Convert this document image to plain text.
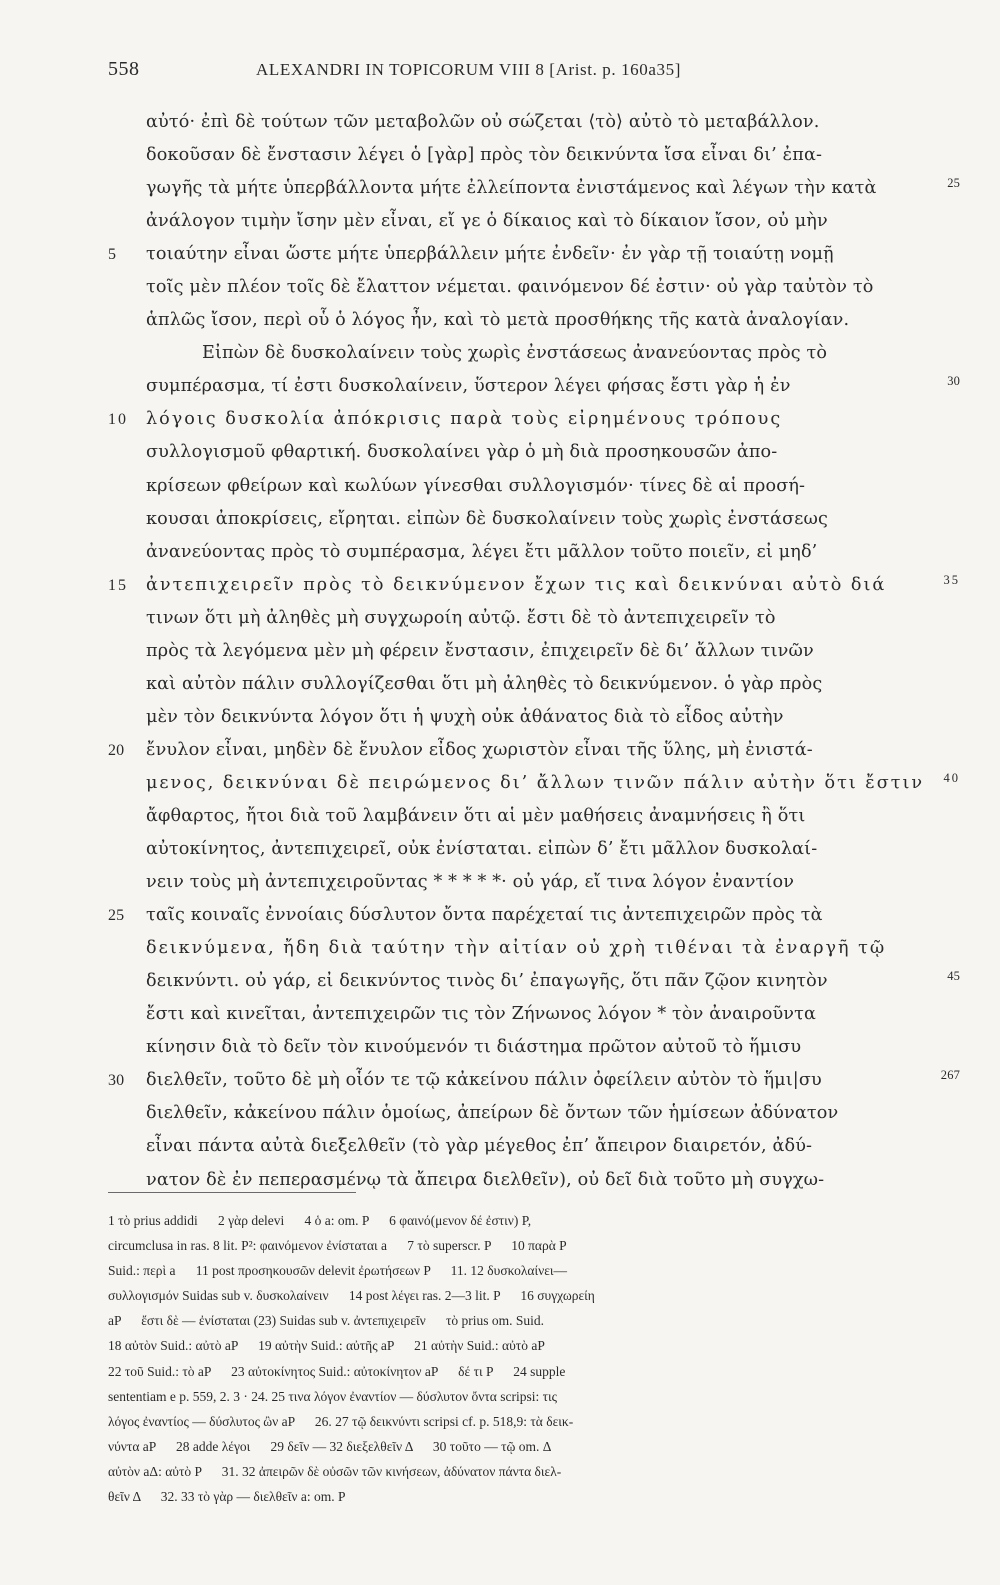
558	ALEXANDRI IN TOPICORUM VIII 8 [Arist. p. 160a35]
αὐτό· ἐπὶ δὲ τούτων τῶν μεταβολῶν οὐ σώζεται ⟨τὸ⟩ αὐτὸ τὸ μεταβάλλον.
δοκοῦσαν δὲ ἔνστασιν λέγει ὁ [γὰρ] πρὸς τὸν δεικνύντα ἴσα εἶναι δι’ ἐπα-
γωγῆς τὰ μήτε ὑπερβάλλοντα μήτε ἐλλείποντα ἐνιστάμενος καὶ λέγων τὴν κατὰ	25
ἀνάλογον τιμὴν ἴσην μὲν εἶναι, εἴ γε ὁ δίκαιος καὶ τὸ δίκαιον ἴσον, οὐ μὴν
5	τοιαύτην εἶναι ὥστε μήτε ὑπερβάλλειν μήτε ἐνδεῖν· ἐν γὰρ τῇ τοιαύτῃ νομῇ
τοῖς μὲν πλέον τοῖς δὲ ἔλαττον νέμεται. φαινόμενον δέ ἐστιν· οὐ γὰρ ταὐτὸν τὸ
ἁπλῶς ἴσον, περὶ οὗ ὁ λόγος ἦν, καὶ τὸ μετὰ προσθήκης τῆς κατὰ ἀναλογίαν.
Εἰπὼν δὲ δυσκολαίνειν τοὺς χωρὶς ἐνστάσεως ἀνανεύοντας πρὸς τὸ
συμπέρασμα, τί ἐστι δυσκολαίνειν, ὕστερον λέγει φήσας ἔστι γὰρ ἡ ἐν	30
10	λόγοις δυσκολία ἀπόκρισις παρὰ τοὺς εἰρημένους τρόπους
συλλογισμοῦ φθαρτική. δυσκολαίνει γὰρ ὁ μὴ διὰ προσηκουσῶν ἀπο-
κρίσεων φθείρων καὶ κωλύων γίνεσθαι συλλογισμόν· τίνες δὲ αἱ προσή-
κουσαι ἀποκρίσεις, εἴρηται. εἰπὼν δὲ δυσκολαίνειν τοὺς χωρὶς ἐνστάσεως
ἀνανεύοντας πρὸς τὸ συμπέρασμα, λέγει ἔτι μᾶλλον τοῦτο ποιεῖν, εἰ μηδ’
15	ἀντεπιχειρεῖν πρὸς τὸ δεικνύμενον ἔχων τις καὶ δεικνύναι αὐτὸ διά	35
τινων ὅτι μὴ ἀληθὲς μὴ συγχωροίη αὐτῷ. ἔστι δὲ τὸ ἀντεπιχειρεῖν τὸ
πρὸς τὰ λεγόμενα μὲν μὴ φέρειν ἔνστασιν, ἐπιχειρεῖν δὲ δι’ ἄλλων τινῶν
καὶ αὐτὸν πάλιν συλλογίζεσθαι ὅτι μὴ ἀληθὲς τὸ δεικνύμενον. ὁ γὰρ πρὸς
μὲν τὸν δεικνύντα λόγον ὅτι ἡ ψυχὴ οὐκ ἀθάνατος διὰ τὸ εἶδος αὐτὴν
20	ἔνυλον εἶναι, μηδὲν δὲ ἔνυλον εἶδος χωριστὸν εἶναι τῆς ὕλης, μὴ ἐνιστά-
μενος, δεικνύναι δὲ πειρώμενος δι’ ἄλλων τινῶν πάλιν αὐτὴν ὅτι ἔστιν 40
ἄφθαρτος, ἤτοι διὰ τοῦ λαμβάνειν ὅτι αἱ μὲν μαθήσεις ἀναμνήσεις ἢ ὅτι
αὐτοκίνητος, ἀντεπιχειρεῖ, οὐκ ἐνίσταται. εἰπὼν δ’ ἔτι μᾶλλον δυσκολαί-
νειν τοὺς μὴ ἀντεπιχειροῦντας * * * * *· οὐ γάρ, εἴ τινα λόγον ἐναντίον
25	ταῖς κοιναῖς ἐννοίαις δύσλυτον ὄντα παρέχεταί τις ἀντεπιχειρῶν πρὸς τὰ
δεικνύμενα, ἤδη διὰ ταύτην τὴν αἰτίαν οὐ χρὴ τιθέναι τὰ ἐναργῆ τῷ
δεικνύντι. οὐ γάρ, εἰ δεικνύντος τινὸς δι’ ἐπαγωγῆς, ὅτι πᾶν ζῷον κινητὸν	45
ἔστι καὶ κινεῖται, ἀντεπιχειρῶν τις τὸν Ζήνωνος λόγον * τὸν ἀναιροῦντα
κίνησιν διὰ τὸ δεῖν τὸν κινούμενόν τι διάστημα πρῶτον αὐτοῦ τὸ ἥμισυ
30	διελθεῖν, τοῦτο δὲ μὴ οἷόν τε τῷ κἀκείνου πάλιν ὀφείλειν αὐτὸν τὸ ἥμι|συ	267
διελθεῖν, κἀκείνου πάλιν ὁμοίως, ἀπείρων δὲ ὄντων τῶν ἡμίσεων ἀδύνατον
εἶναι πάντα αὐτὰ διεξελθεῖν (τὸ γὰρ μέγεθος ἐπ’ ἄπειρον διαιρετόν, ἀδύ-
νατον δὲ ἐν πεπερασμένῳ τὰ ἄπειρα διελθεῖν), οὐ δεῖ διὰ τοῦτο μὴ συγχω-
1 τὸ prius addidi      2 γὰρ delevi      4 ὁ a: om. P      6 φαινό(μενον δέ ἐστιν) P,
circumclusa in ras. 8 lit. P²: φαινόμενον ἐνίσταται a      7 τὸ superscr. P      10 παρὰ P
Suid.: περὶ a      11 post προσηκουσῶν delevit ἐρωτήσεων P      11. 12 δυσκολαίνει—
συλλογισμόν Suidas sub v. δυσκολαίνειν      14 post λέγει ras. 2—3 lit. P      16 συγχωρείη
aP      ἔστι δὲ — ἐνίσταται (23) Suidas sub v. ἀντεπιχειρεῖν      τὸ prius om. Suid.
18 αὐτὸν Suid.: αὐτὸ aP      19 αὐτὴν Suid.: αὐτῆς aP      21 αὐτὴν Suid.: αὐτὸ aP
22 τοῦ Suid.: τὸ aP      23 αὐτοκίνητος Suid.: αὐτοκίνητον aP      δέ τι P      24 supple
sententiam e p. 559, 2. 3 · 24. 25 τινα λόγον ἐναντίον — δύσλυτον ὄντα scripsi: τις
λόγος ἐναντίος — δύσλυτος ὢν aP      26. 27 τῷ δεικνύντι scripsi cf. p. 518,9: τὰ δεικ-
νύντα aP      28 adde λέγοι      29 δεῖν — 32 διεξελθεῖν Δ      30 τοῦτο — τῷ om. Δ
αὐτὸν aΔ: αὐτὸ P      31. 32 ἀπειρῶν δὲ οὐσῶν τῶν κινήσεων, ἀδύνατον πάντα διελ-
θεῖν Δ      32. 33 τὸ γὰρ — διελθεῖν a: om. P
